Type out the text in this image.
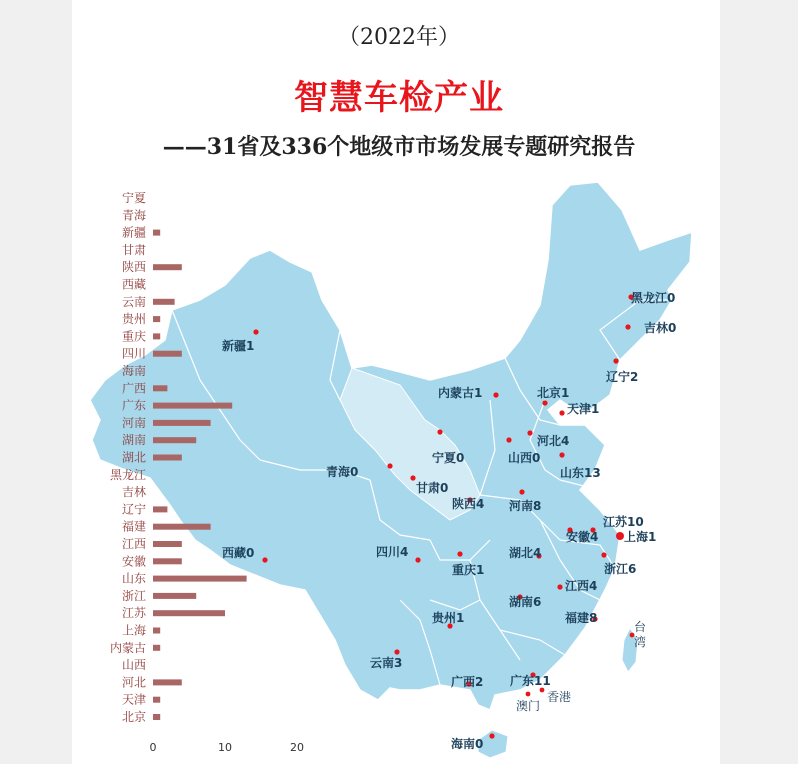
（2022年）
智慧车检产业
——31省及336个地级市市场发展专题研究报告
宁夏
青海
新疆
甘肃
陕西
西藏
云南
贵州
重庆
四川
海南
广西
广东
河南
湖南
湖北
黑龙江
吉林
辽宁
福建
江西
安徽
山东
浙江
江苏
上海
内蒙古
山西
河北
天津
北京
0	10	20
新疆1
西藏0
青海0
甘肃0
宁夏0
内蒙古1
黑龙江0
吉林0
辽宁2
北京1
天津1
河北4
山西0
山东13
陕西4 河南8
江苏10
安徽4 上海1
浙江6
四川4
重庆1
湖北4
湖南6
江西4
福建8
贵州1
云南3
广西2 广东11
海南0
台
湾
香港
澳门
